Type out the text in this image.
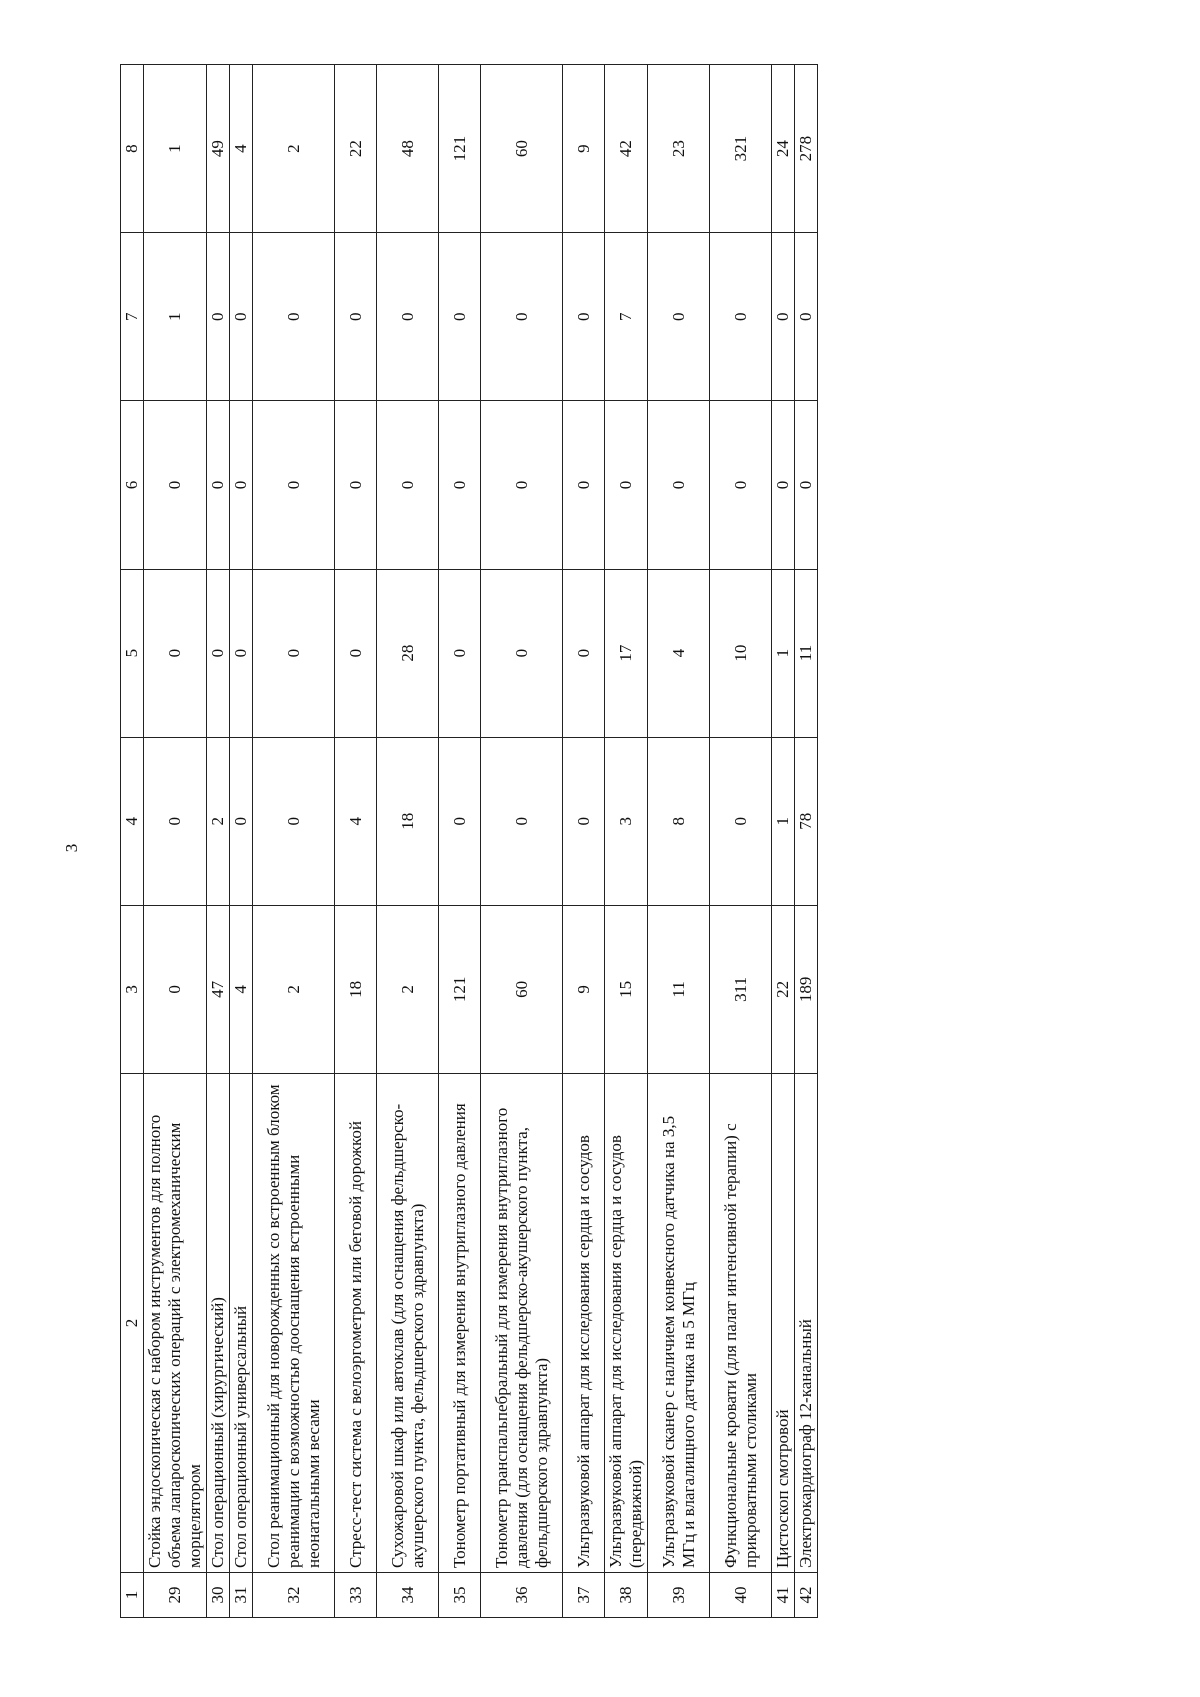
3
1	2	3	4	5	6	7	8
29	Стойка эндоскопическая с набором инструментов для полного объема лапароскопических операций с электромеханическим морцелятором	0	0	0	0	1	1
30	Стол операционный (хирургический)	47	2	0	0	0	49
31	Стол операционный универсальный	4	0	0	0	0	4
32	Стол реанимационный для новорожденных со встроенным блоком реанимации с возможностью дооснащения встроенными неонатальными весами	2	0	0	0	0	2
33	Стресс-тест система с велоэргометром или беговой дорожкой	18	4	0	0	0	22
34	Сухожаровой шкаф или автоклав (для оснащения фельдшерско-акушерского пункта, фельдшерского здравпункта)	2	18	28	0	0	48
35	Тонометр портативный для измерения внутриглазного давления	121	0	0	0	0	121
36	Тонометр транспальпебральный для измерения внутриглазного давления (для оснащения фельдшерско-акушерского пункта, фельдшерского здравпункта)	60	0	0	0	0	60
37	Ультразвуковой аппарат для исследования сердца и сосудов	9	0	0	0	0	9
38	Ультразвуковой аппарат для исследования сердца и сосудов (передвижной)	15	3	17	0	7	42
39	Ультразвуковой сканер с наличием конвексного датчика на 3,5 МГц и влагалищного датчика на 5 МГц	11	8	4	0	0	23
40	Функциональные кровати (для палат интенсивной терапии) с прикроватными столиками	311	0	10	0	0	321
41	Цистоскоп смотровой	22	1	1	0	0	24
42	Электрокардиограф 12-канальный	189	78	11	0	0	278
